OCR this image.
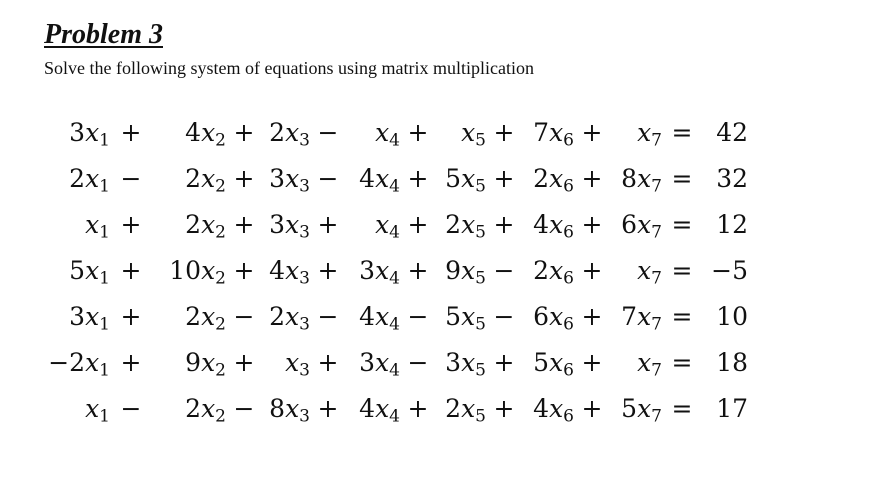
Problem 3
Solve the following system of equations using matrix multiplication
$3x_1$	+	$4x_2$	+	$2x_3$	−	$x_4$	+	$x_5$	+	$7x_6$	+	$x_7$	=	42
$2x_1$	−	$2x_2$	+	$3x_3$	−	$4x_4$	+	$5x_5$	+	$2x_6$	+	$8x_7$	=	32
$x_1$	+	$2x_2$	+	$3x_3$	+	$x_4$	+	$2x_5$	+	$4x_6$	+	$6x_7$	=	12
$5x_1$	+	$10x_2$	+	$4x_3$	+	$3x_4$	+	$9x_5$	−	$2x_6$	+	$x_7$	=	−5
$3x_1$	+	$2x_2$	−	$2x_3$	−	$4x_4$	−	$5x_5$	−	$6x_6$	+	$7x_7$	=	10
$-2x_1$	+	$9x_2$	+	$x_3$	+	$3x_4$	−	$3x_5$	+	$5x_6$	+	$x_7$	=	18
$x_1$	−	$2x_2$	−	$8x_3$	+	$4x_4$	+	$2x_5$	+	$4x_6$	+	$5x_7$	=	17
